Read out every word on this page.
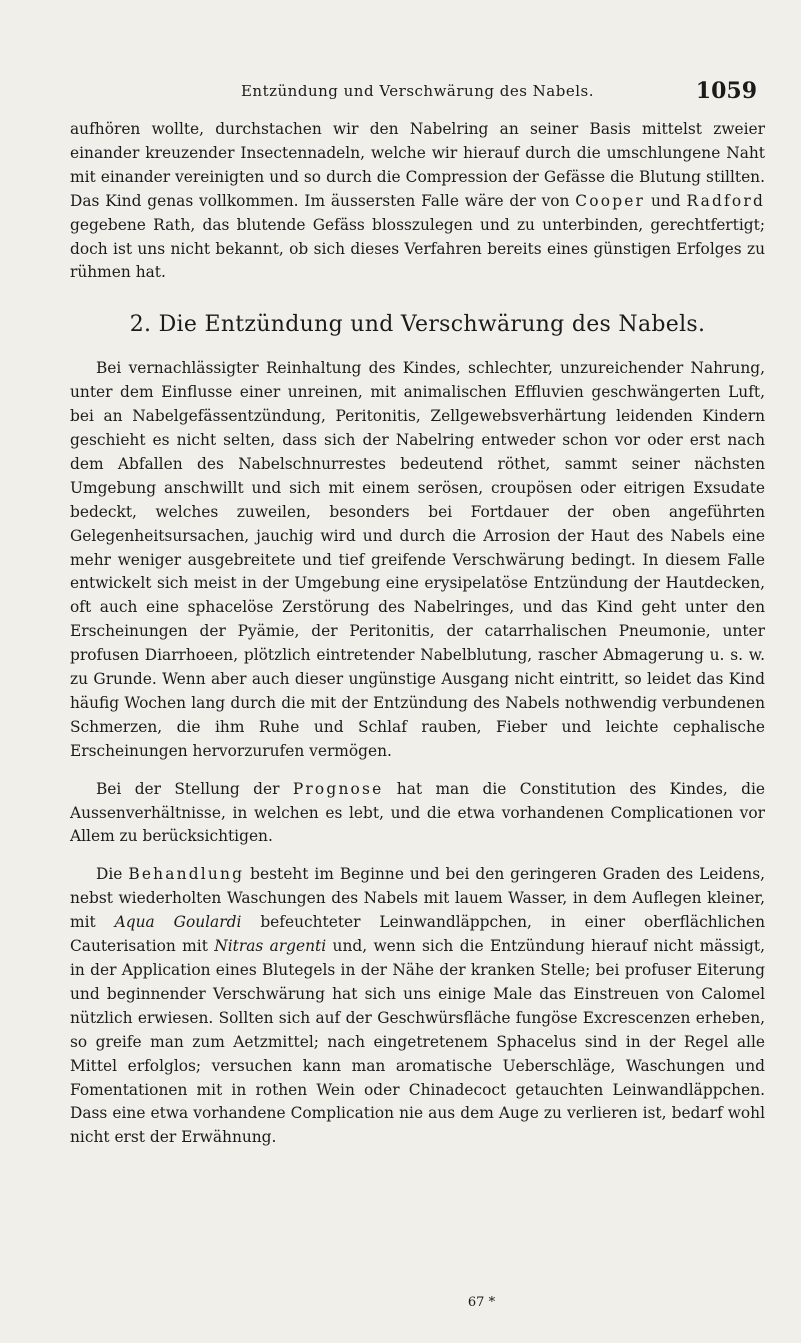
Entzündung und Verschwärung des Nabels.	1059

aufhören wollte, durchstachen wir den Nabelring an seiner Basis mittelst zweier einander kreuzender Insectennadeln, welche wir hierauf durch die umschlungene Naht mit einander vereinigten und so durch die Compression der Gefässe die Blutung stillten. Das Kind genas vollkommen. Im äussersten Falle wäre der von Cooper und Radford gegebene Rath, das blutende Gefäss blosszulegen und zu unterbinden, gerechtfertigt; doch ist uns nicht bekannt, ob sich dieses Verfahren bereits eines günstigen Erfolges zu rühmen hat.

2. Die Entzündung und Verschwärung des Nabels.

Bei vernachlässigter Reinhaltung des Kindes, schlechter, unzureichender Nahrung, unter dem Einflusse einer unreinen, mit animalischen Effluvien geschwängerten Luft, bei an Nabelgefässentzündung, Peritonitis, Zellgewebsverhärtung leidenden Kindern geschieht es nicht selten, dass sich der Nabelring entweder schon vor oder erst nach dem Abfallen des Nabelschnurrestes bedeutend röthet, sammt seiner nächsten Umgebung anschwillt und sich mit einem serösen, croupösen oder eitrigen Exsudate bedeckt, welches zuweilen, besonders bei Fortdauer der oben angeführten Gelegenheitsursachen, jauchig wird und durch die Arrosion der Haut des Nabels eine mehr weniger ausgebreitete und tief greifende Verschwärung bedingt. In diesem Falle entwickelt sich meist in der Umgebung eine erysipelatöse Entzündung der Hautdecken, oft auch eine sphacelöse Zerstörung des Nabelringes, und das Kind geht unter den Erscheinungen der Pyämie, der Peritonitis, der catarrhalischen Pneumonie, unter profusen Diarrhoeen, plötzlich eintretender Nabelblutung, rascher Abmagerung u. s. w. zu Grunde. Wenn aber auch dieser ungünstige Ausgang nicht eintritt, so leidet das Kind häufig Wochen lang durch die mit der Entzündung des Nabels nothwendig verbundenen Schmerzen, die ihm Ruhe und Schlaf rauben, Fieber und leichte cephalische Erscheinungen hervorzurufen vermögen.

Bei der Stellung der Prognose hat man die Constitution des Kindes, die Aussenverhältnisse, in welchen es lebt, und die etwa vorhandenen Complicationen vor Allem zu berücksichtigen.

Die Behandlung besteht im Beginne und bei den geringeren Graden des Leidens, nebst wiederholten Waschungen des Nabels mit lauem Wasser, in dem Auflegen kleiner, mit Aqua Goulardi befeuchteter Leinwandläppchen, in einer oberflächlichen Cauterisation mit Nitras argenti und, wenn sich die Entzündung hierauf nicht mässigt, in der Application eines Blutegels in der Nähe der kranken Stelle; bei profuser Eiterung und beginnender Verschwärung hat sich uns einige Male das Einstreuen von Calomel nützlich erwiesen. Sollten sich auf der Geschwürsfläche fungöse Excrescenzen erheben, so greife man zum Aetzmittel; nach eingetretenem Sphacelus sind in der Regel alle Mittel erfolglos; versuchen kann man aromatische Ueberschläge, Waschungen und Fomentationen mit in rothen Wein oder Chinadecoct getauchten Leinwandläppchen. Dass eine etwa vorhandene Complication nie aus dem Auge zu verlieren ist, bedarf wohl nicht erst der Erwähnung.

67 *
